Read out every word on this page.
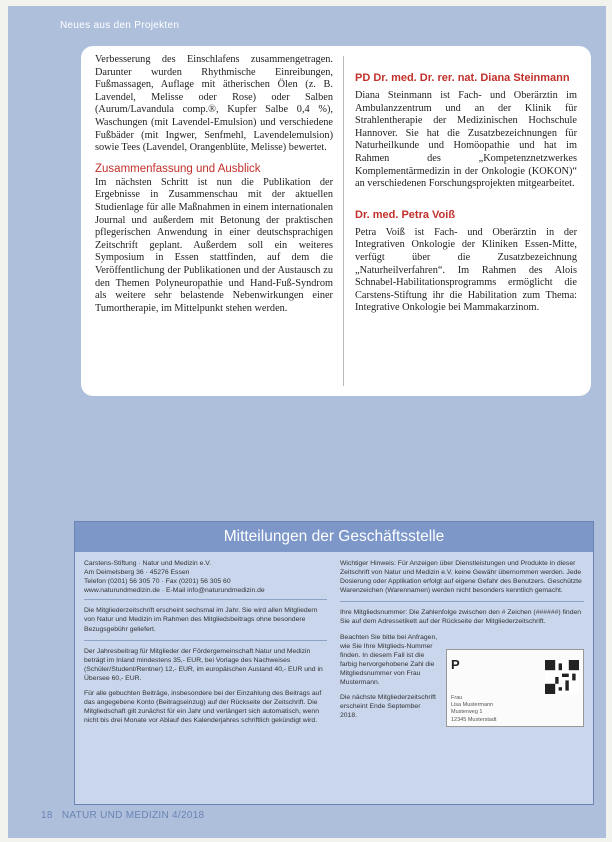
Neues aus den Projekten

Verbesserung des Einschlafens zusammengetragen. Darunter wurden Rhythmische Einreibungen, Fußmassagen, Auflage mit ätherischen Ölen (z. B. Lavendel, Melisse oder Rose) oder Salben (Aurum/Lavandula comp.®, Kupfer Salbe 0,4 %), Waschungen (mit Lavendel-Emulsion) und verschiedene Fußbäder (mit Ingwer, Senfmehl, Lavendelemulsion) sowie Tees (Lavendel, Orangenblüte, Melisse) bewertet.

Zusammenfassung und Ausblick

Im nächsten Schritt ist nun die Publikation der Ergebnisse in Zusammenschau mit der aktuellen Studienlage für alle Maßnahmen in einem internationalen Journal und außerdem mit Betonung der praktischen pflegerischen Anwendung in einer deutschsprachigen Zeitschrift geplant. Außerdem soll ein weiteres Symposium in Essen stattfinden, auf dem die Veröffentlichung der Publikationen und der Austausch zu den Themen Polyneuropathie und Hand-Fuß-Syndrom als weitere sehr belastende Nebenwirkungen einer Tumortherapie, im Mittelpunkt stehen werden.

PD Dr. med. Dr. rer. nat. Diana Steinmann

Diana Steinmann ist Fach- und Oberärztin im Ambulanzzentrum und an der Klinik für Strahlentherapie der Medizinischen Hochschule Hannover. Sie hat die Zusatzbezeichnungen für Naturheilkunde und Homöopathie und hat im Rahmen des „Kompetenznetzwerkes Komplementärmedizin in der Onkologie (KOKON)“ an verschiedenen Forschungsprojekten mitgearbeitet.

Dr. med. Petra Voiß

Petra Voiß ist Fach- und Oberärztin in der Integrativen Onkologie der Kliniken Essen-Mitte, verfügt über die Zusatzbezeichnung „Naturheilverfahren“. Im Rahmen des Alois Schnabel-Habilitationsprogramms ermöglicht die Carstens-Stiftung ihr die Habilitation zum Thema: Integrative Onkologie bei Mammakarzinom.

Mitteilungen der Geschäftsstelle
Carstens-Stiftung · Natur und Medizin e.V.
Am Deimelsberg 36 · 45276 Essen
Telefon (0201) 56 305 70 · Fax (0201) 56 305 60
www.naturundmedizin.de · E-Mail info@naturundmedizin.de

Die Mitgliederzeitschrift erscheint sechsmal im Jahr. Sie wird allen Mitgliedern von Natur und Medizin im Rahmen des Mitgliedsbeitrags ohne besondere Bezugsgebühr geliefert.

Der Jahresbeitrag für Mitglieder der Fördergemeinschaft Natur und Medizin beträgt im Inland mindestens 35,- EUR, bei Vorlage des Nachweises (Schüler/Student/Rentner) 12,- EUR, im europäischen Ausland 40,- EUR und in Übersee 60,- EUR.

Für alle gebuchten Beiträge, insbesondere bei der Einzahlung des Beitrags auf das angegebene Konto (Beitragseinzug) auf der Rückseite der Zeitschrift. Die Mitgliedschaft gilt zunächst für ein Jahr und verlängert sich automatisch, wenn nicht bis drei Monate vor Ablauf des Kalenderjahres schriftlich gekündigt wird.

Wichtiger Hinweis: Für Anzeigen über Dienstleistungen und Produkte in dieser Zeitschrift von Natur und Medizin e.V. keine Gewähr übernommen werden. Jede Dosierung oder Applikation erfolgt auf eigene Gefahr des Benutzers. Geschützte Warenzeichen (Warennamen) werden nicht besonders kenntlich gemacht.

Ihre Mitgliedsnummer: Die Zahlenfolge zwischen den # Zeichen (######) finden Sie auf dem Adressetikett auf der Rückseite der Mitgliederzeitschrift.

Beachten Sie bitte bei Anfragen, wie Sie Ihre Mitglieds-Nummer finden. In diesem Fall ist die farbig hervorgehobene Zahl die Mitgliedsnummer von Frau Mustermann.

Die nächste Mitgliederzeitschrift erscheint Ende September 2018.

P
Frau
Lisa Mustermann
Musterweg 1
12345 Musterstadt
18 NATUR UND MEDIZIN 4/2018
